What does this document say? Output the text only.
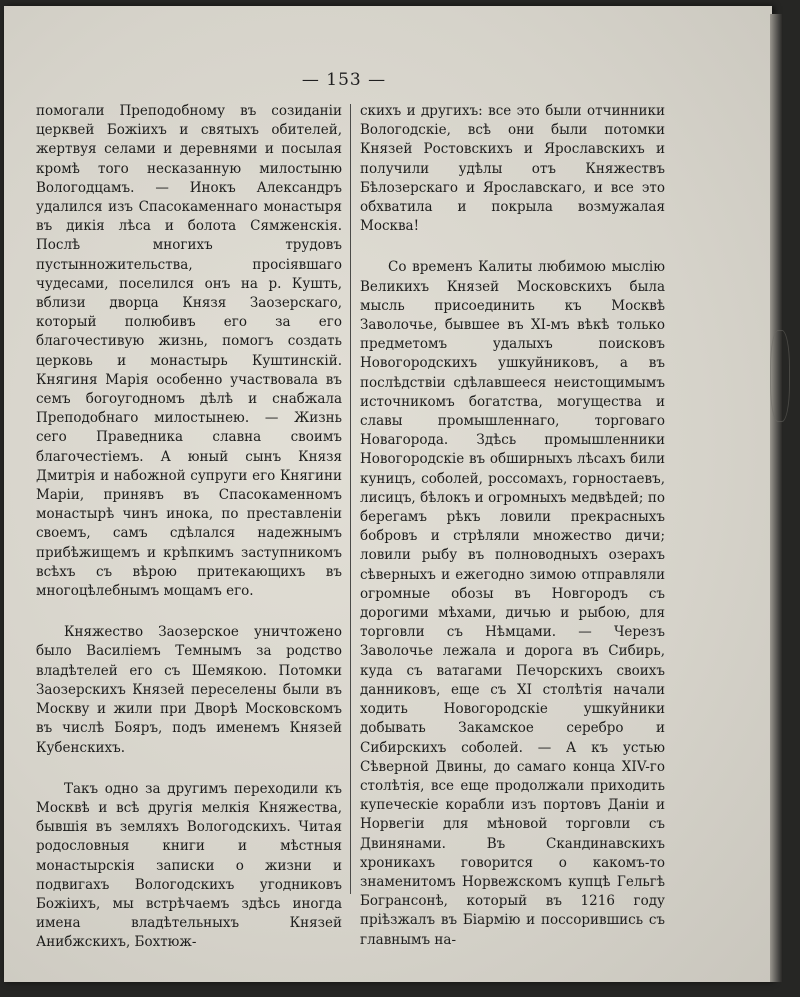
— 153 —

помогали Преподобному въ созиданiи церквей Божiихъ и святыхъ обителей, жертвуя селами и деревнями и посылая кромѣ того несказанную милостыню Вологодцамъ. — Инокъ Александръ удалился изъ Спасокаменнаго монастыря въ дикiя лѣса и болота Сямженскiя. Послѣ многихъ трудовъ пустынножительства, просiявшаго чудесами, поселился онъ на р. Кушть, вблизи дворца Князя Заозерскаго, который полюбивъ его за его благочестивую жизнь, помогъ создать церковь и монастырь Куштинскiй. Княгиня Марiя особенно участвовала въ семъ богоугодномъ дѣлѣ и снабжала Преподобнаго милостынею. — Жизнь сего Праведника славна своимъ благочестiемъ. А юный сынъ Князя Дмитрiя и набожной супруги его Княгини Марiи, принявъ въ Спасокаменномъ монастырѣ чинъ инока, по преставленiи своемъ, самъ сдѣлался надежнымъ прибѣжищемъ и крѣпкимъ заступникомъ всѣхъ съ вѣрою притекающихъ въ многоцѣлебнымъ мощамъ его.

Княжество Заозерское уничтожено было Василiемъ Темнымъ за родство владѣтелей его съ Шемякою. Потомки Заозерскихъ Князей переселены были въ Москву и жили при Дворѣ Московскомъ въ числѣ Бояръ, подъ именемъ Князей Кубенскихъ.

Такъ одно за другимъ переходили къ Москвѣ и всѣ другiя мелкiя Княжества, бывшiя въ земляхъ Вологодскихъ. Читая родословныя книги и мѣстныя монастырскiя записки о жизни и подвигахъ Вологодскихъ угодниковъ Божiихъ, мы встрѣчаемъ здѣсь иногда имена владѣтельныхъ Князей Анибжскихъ, Бохтюж-

скихъ и другихъ: все это были отчинники Вологодскiе, всѣ они были потомки Князей Ростовскихъ и Ярославскихъ и получили удѣлы отъ Княжествъ Бѣлозерскаго и Ярославскаго, и все это обхватила и покрыла возмужалая Москва!

Со временъ Калиты любимою мыслiю Великихъ Князей Московскихъ была мысль присоединить къ Москвѣ Заволочье, бывшее въ XI-мъ вѣкѣ только предметомъ удалыхъ поисковъ Новогородскихъ ушкуйниковъ, а въ послѣдствiи сдѣлавшееся неистощимымъ источникомъ богатства, могущества и славы промышленнаго, торговаго Новагорода. Здѣсь промышленники Новогородскiе въ обширныхъ лѣсахъ били куницъ, соболей, россомахъ, горностаевъ, лисицъ, бѣлокъ и огромныхъ медвѣдей; по берегамъ рѣкъ ловили прекрасныхъ бобровъ и стрѣляли множество дичи; ловили рыбу въ полноводныхъ озерахъ сѣверныхъ и ежегодно зимою отправляли огромные обозы въ Новгородъ съ дорогими мѣхами, дичью и рыбою, для торговли съ Нѣмцами. — Черезъ Заволочье лежала и дорога въ Сибирь, куда съ ватагами Печорскихъ своихъ данниковъ, еще съ XI столѣтiя начали ходить Новогородскiе ушкуйники добывать Закамское серебро и Сибирскихъ соболей. — А къ устью Сѣверной Двины, до самаго конца XIV-го столѣтiя, все еще продолжали приходить купеческiе корабли изъ портовъ Даніи и Норвегiи для мѣновой торговли съ Двинянами. Въ Скандинавскихъ хроникахъ говорится о какомъ-то знаменитомъ Норвежскомъ купцѣ Гельгѣ Богрансонѣ, который въ 1216 году прiѣзжалъ въ Бiармiю и поссорившись съ главнымъ на-
